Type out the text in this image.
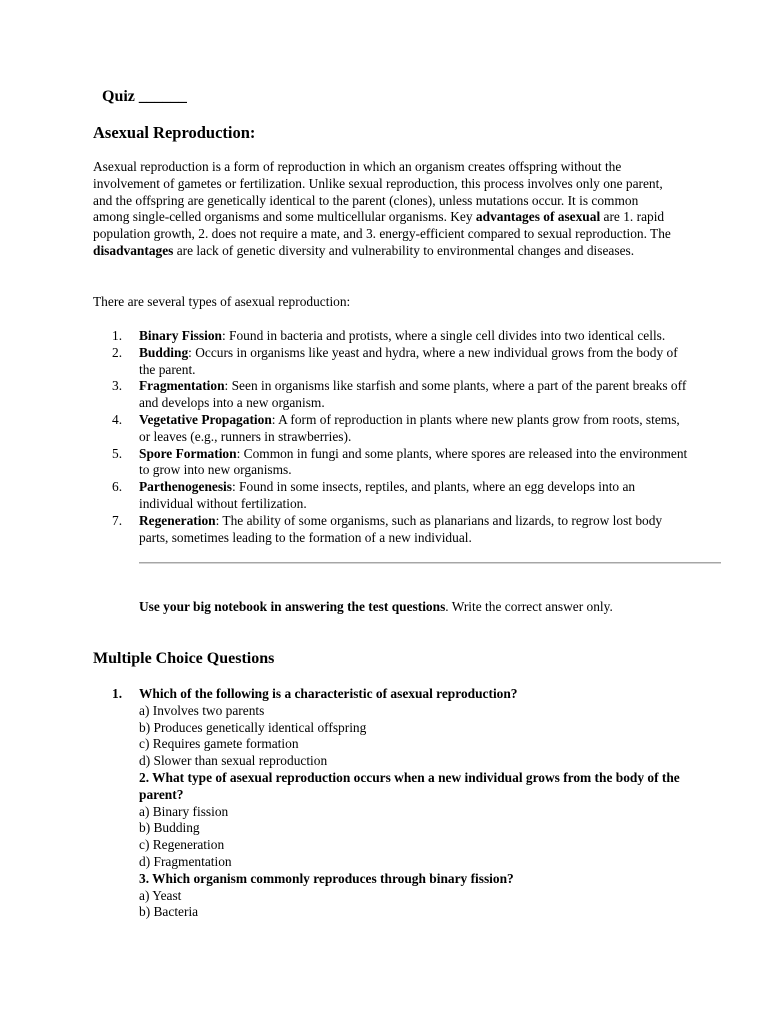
Quiz ______
Asexual Reproduction:

Asexual reproduction is a form of reproduction in which an organism creates offspring without the involvement of gametes or fertilization. Unlike sexual reproduction, this process involves only one parent, and the offspring are genetically identical to the parent (clones), unless mutations occur. It is common among single-celled organisms and some multicellular organisms. Key advantages of asexual are 1. rapid population growth, 2. does not require a mate, and 3. energy-efficient compared to sexual reproduction. The disadvantages are lack of genetic diversity and vulnerability to environmental changes and diseases.

There are several types of asexual reproduction:
1. Binary Fission: Found in bacteria and protists, where a single cell divides into two identical cells.
2. Budding: Occurs in organisms like yeast and hydra, where a new individual grows from the body of the parent.
3. Fragmentation: Seen in organisms like starfish and some plants, where a part of the parent breaks off and develops into a new organism.
4. Vegetative Propagation: A form of reproduction in plants where new plants grow from roots, stems, or leaves (e.g., runners in strawberries).
5. Spore Formation: Common in fungi and some plants, where spores are released into the environment to grow into new organisms.
6. Parthenogenesis: Found in some insects, reptiles, and plants, where an egg develops into an individual without fertilization.
7. Regeneration: The ability of some organisms, such as planarians and lizards, to regrow lost body parts, sometimes leading to the formation of a new individual.
Use your big notebook in answering the test questions. Write the correct answer only.
Multiple Choice Questions
1. Which of the following is a characteristic of asexual reproduction?
a) Involves two parents
b) Produces genetically identical offspring
c) Requires gamete formation
d) Slower than sexual reproduction
2. What type of asexual reproduction occurs when a new individual grows from the body of the parent?
a) Binary fission
b) Budding
c) Regeneration
d) Fragmentation
3. Which organism commonly reproduces through binary fission?
a) Yeast
b) Bacteria
